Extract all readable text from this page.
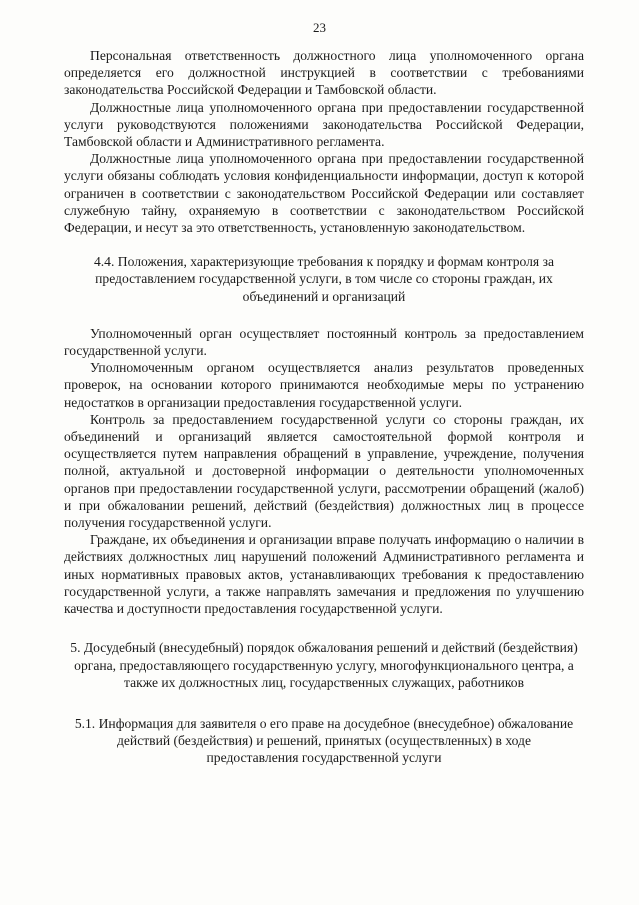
23

Персональная ответственность должностного лица уполномоченного органа определяется его должностной инструкцией в соответствии с требованиями законодательства Российской Федерации и Тамбовской области.

Должностные лица уполномоченного органа при предоставлении государственной услуги руководствуются положениями законодательства Российской Федерации, Тамбовской области и Административного регламента.

Должностные лица уполномоченного органа при предоставлении государственной услуги обязаны соблюдать условия конфиденциальности информации, доступ к которой ограничен в соответствии с законодательством Российской Федерации или составляет служебную тайну, охраняемую в соответствии с законодательством Российской Федерации, и несут за это ответственность, установленную законодательством.

4.4. Положения, характеризующие требования к порядку и формам контроля за предоставлением государственной услуги, в том числе со стороны граждан, их объединений и организаций

Уполномоченный орган осуществляет постоянный контроль за предоставлением государственной услуги.

Уполномоченным органом осуществляется анализ результатов проведенных проверок, на основании которого принимаются необходимые меры по устранению недостатков в организации предоставления государственной услуги.

Контроль за предоставлением государственной услуги со стороны граждан, их объединений и организаций является самостоятельной формой контроля и осуществляется путем направления обращений в управление, учреждение, получения полной, актуальной и достоверной информации о деятельности уполномоченных органов при предоставлении государственной услуги, рассмотрении обращений (жалоб) и при обжаловании решений, действий (бездействия) должностных лиц в процессе получения государственной услуги.

Граждане, их объединения и организации вправе получать информацию о наличии в действиях должностных лиц нарушений положений Административного регламента и иных нормативных правовых актов, устанавливающих требования к предоставлению государственной услуги, а также направлять замечания и предложения по улучшению качества и доступности предоставления государственной услуги.

5. Досудебный (внесудебный) порядок обжалования решений и действий (бездействия) органа, предоставляющего государственную услугу, многофункционального центра, а также их должностных лиц, государственных служащих, работников

5.1. Информация для заявителя о его праве на досудебное (внесудебное) обжалование действий (бездействия) и решений, принятых (осуществленных) в ходе предоставления государственной услуги
